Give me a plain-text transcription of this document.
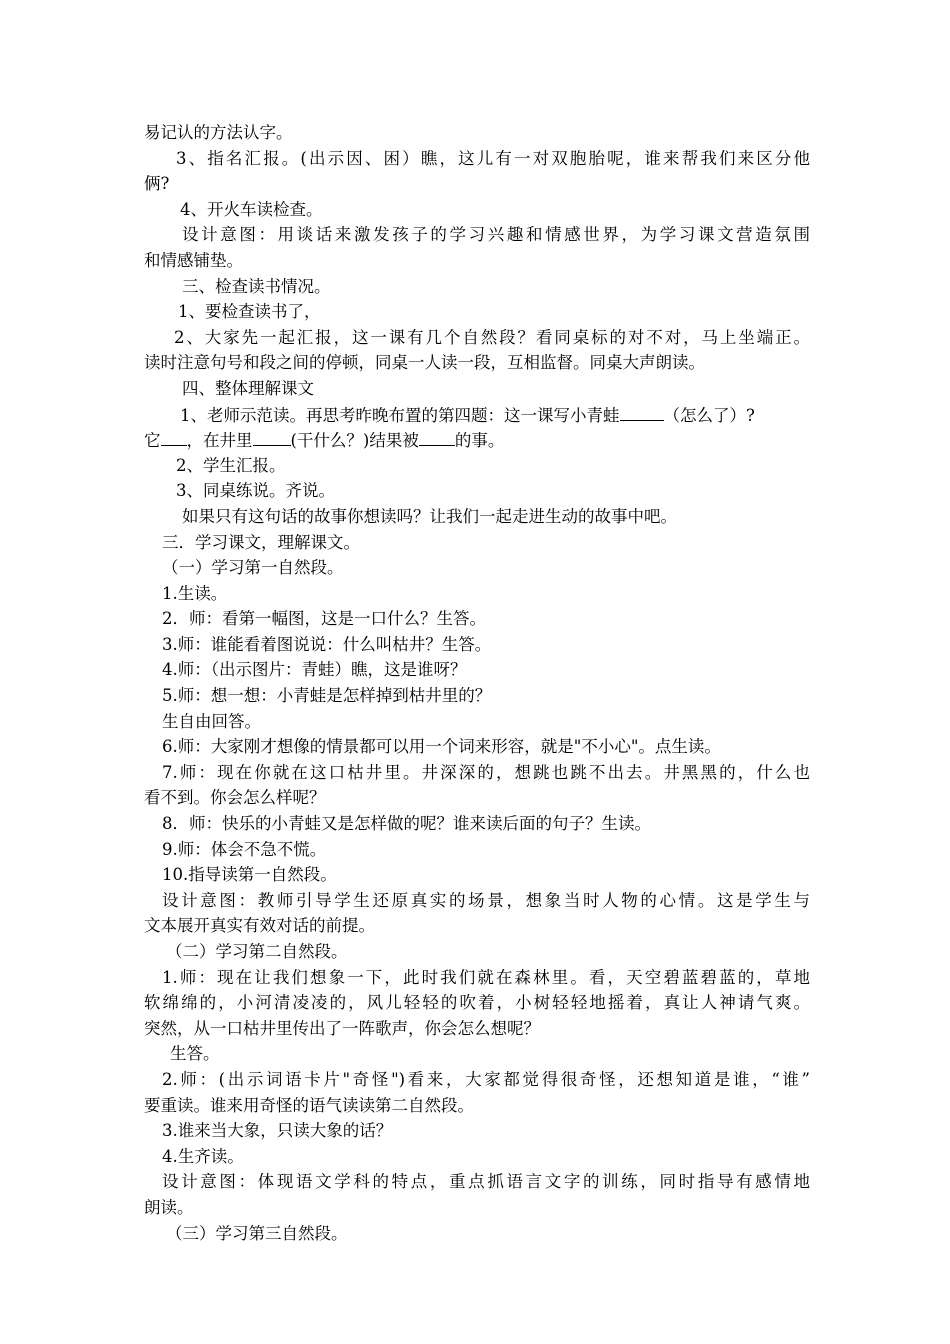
易记认的方法认字。
3、指名汇报。(出示因、困）瞧，这儿有一对双胞胎呢，谁来帮我们来区分他
俩?
4、开火车读检查。
设计意图：用谈话来激发孩子的学习兴趣和情感世界，为学习课文营造氛围
和情感铺垫。
三、检查读书情况。
1、要检查读书了，
2、大家先一起汇报，这一课有几个自然段？看同桌标的对不对，马上坐端正。
读时注意句号和段之间的停顿，同桌一人读一段，互相监督。同桌大声朗读。
四、整体理解课文
1、老师示范读。再思考昨晚布置的第四题：这一课写小青蛙	（怎么了）?
它 ，在井里 (干什么？)结果被 的事。
2、学生汇报。
3、同桌练说。齐说。
如果只有这句话的故事你想读吗？让我们一起走进生动的故事中吧。
三．学习课文，理解课文。
（一）学习第一自然段。
1.生读。
2．师：看第一幅图，这是一口什么？生答。
3.师：谁能看着图说说：什么叫枯井？生答。
4.师：（出示图片：青蛙）瞧，这是谁呀？
5.师：想一想：小青蛙是怎样掉到枯井里的？
生自由回答。
6.师：大家刚才想像的情景都可以用一个词来形容，就是"不小心"。点生读。
7.师：现在你就在这口枯井里。井深深的，想跳也跳不出去。井黑黑的，什么也
看不到。你会怎么样呢？
8．师：快乐的小青蛙又是怎样做的呢？谁来读后面的句子？生读。
9.师：体会不急不慌。
10.指导读第一自然段。
设计意图：教师引导学生还原真实的场景，想象当时人物的心情。这是学生与
文本展开真实有效对话的前提。
（二）学习第二自然段。
1.师：现在让我们想象一下，此时我们就在森林里。看，天空碧蓝碧蓝的，草地
软绵绵的，小河清凌凌的，风儿轻轻的吹着，小树轻轻地摇着，真让人神请气爽。
突然，从一口枯井里传出了一阵歌声，你会怎么想呢？
生答。
2.师：(出示词语卡片"奇怪")看来，大家都觉得很奇怪，还想知道是谁，“谁”
要重读。谁来用奇怪的语气读读第二自然段。
3.谁来当大象，只读大象的话？
4.生齐读。
设计意图：体现语文学科的特点，重点抓语言文字的训练，同时指导有感情地
朗读。
（三）学习第三自然段。
